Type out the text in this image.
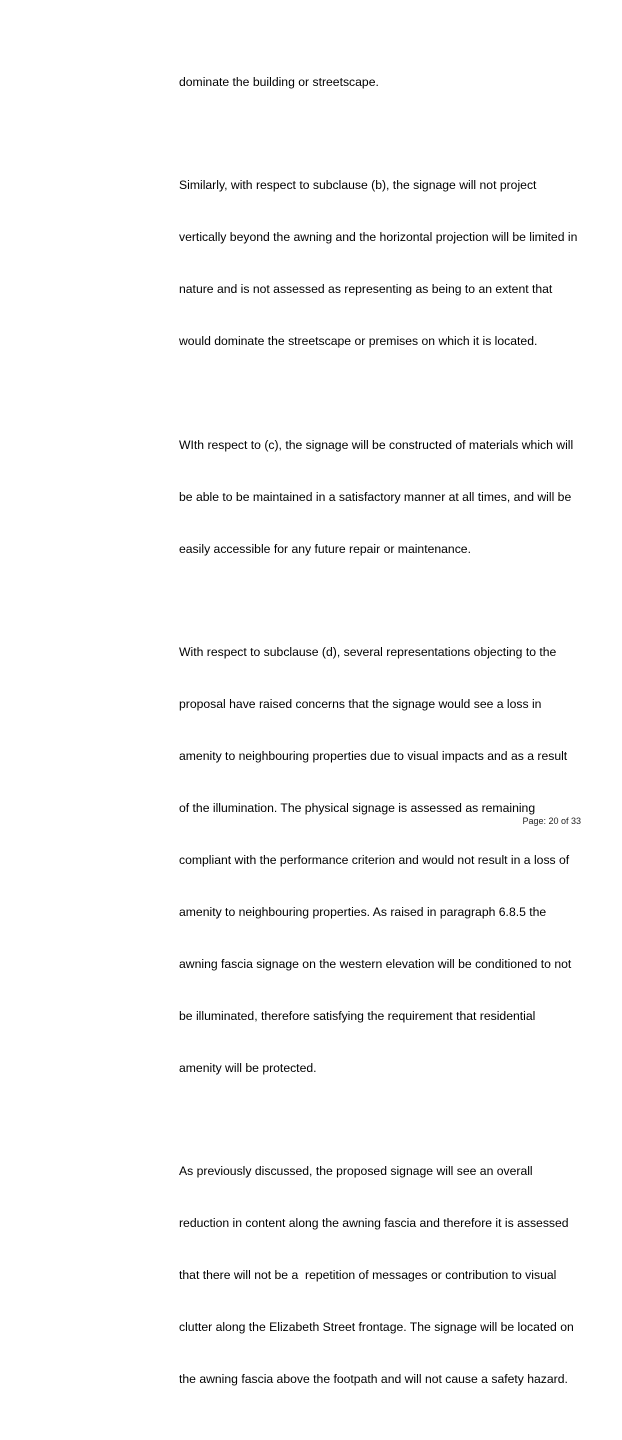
dominate the building or streetscape.

Similarly, with respect to subclause (b), the signage will not project

vertically beyond the awning and the horizontal projection will be limited in

nature and is not assessed as representing as being to an extent that

would dominate the streetscape or premises on which it is located.

WIth respect to (c), the signage will be constructed of materials which will

be able to be maintained in a satisfactory manner at all times, and will be

easily accessible for any future repair or maintenance.

With respect to subclause (d), several representations objecting to the

proposal have raised concerns that the signage would see a loss in

amenity to neighbouring properties due to visual impacts and as a result

of the illumination. The physical signage is assessed as remaining

compliant with the performance criterion and would not result in a loss of

amenity to neighbouring properties. As raised in paragraph 6.8.5 the

awning fascia signage on the western elevation will be conditioned to not

be illuminated, therefore satisfying the requirement that residential

amenity will be protected.

As previously discussed, the proposed signage will see an overall

reduction in content along the awning fascia and therefore it is assessed

that there will not be a  repetition of messages or contribution to visual

clutter along the Elizabeth Street frontage. The signage will be located on

the awning fascia above the footpath and will not cause a safety hazard.

Page: 20 of 33
